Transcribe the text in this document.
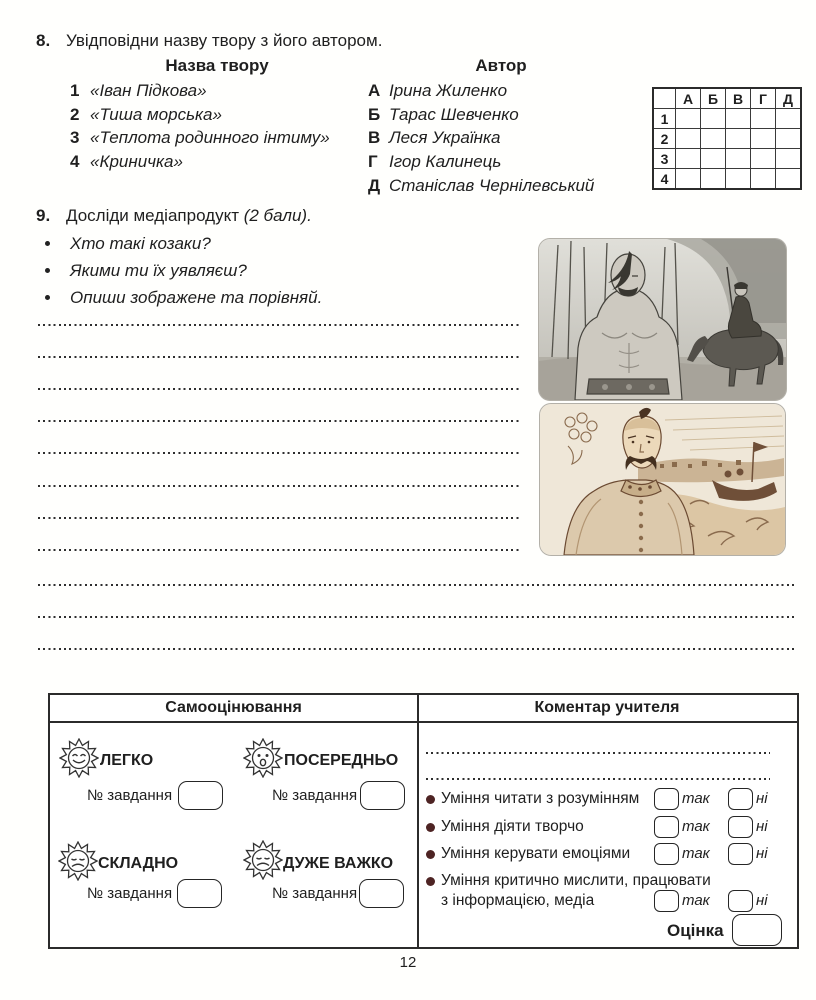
8. Увідповідни назву твору з його автором.
Назва твору	Автор
1 «Іван Підкова»
2 «Тиша морська»
3 «Теплота родинного інтиму»
4 «Криничка»
А Ірина Жиленко
Б Тарас Шевченко
В Леся Українка
Г Ігор Калинець
Д Станіслав Чернілевський
	А	Б	В	Г	Д
1					
2					
3					
4					
9. Досліди медіапродукт (2 бали).
Хто такі козаки?
Якими ти їх уявляєш?
Опиши зображене та порівняй.
Самооцінювання	Коментар учителя
ЛЕГКО
№ завдання
ПОСЕРЕДНЬО
№ завдання
СКЛАДНО
№ завдання
ДУЖЕ ВАЖКО
№ завдання
Уміння читати з розумінням	так	ні
Уміння діяти творчо	так	ні
Уміння керувати емоціями	так	ні
Уміння критично мислити, працювати
з інформацією, медіа	так	ні
Оцінка
12
